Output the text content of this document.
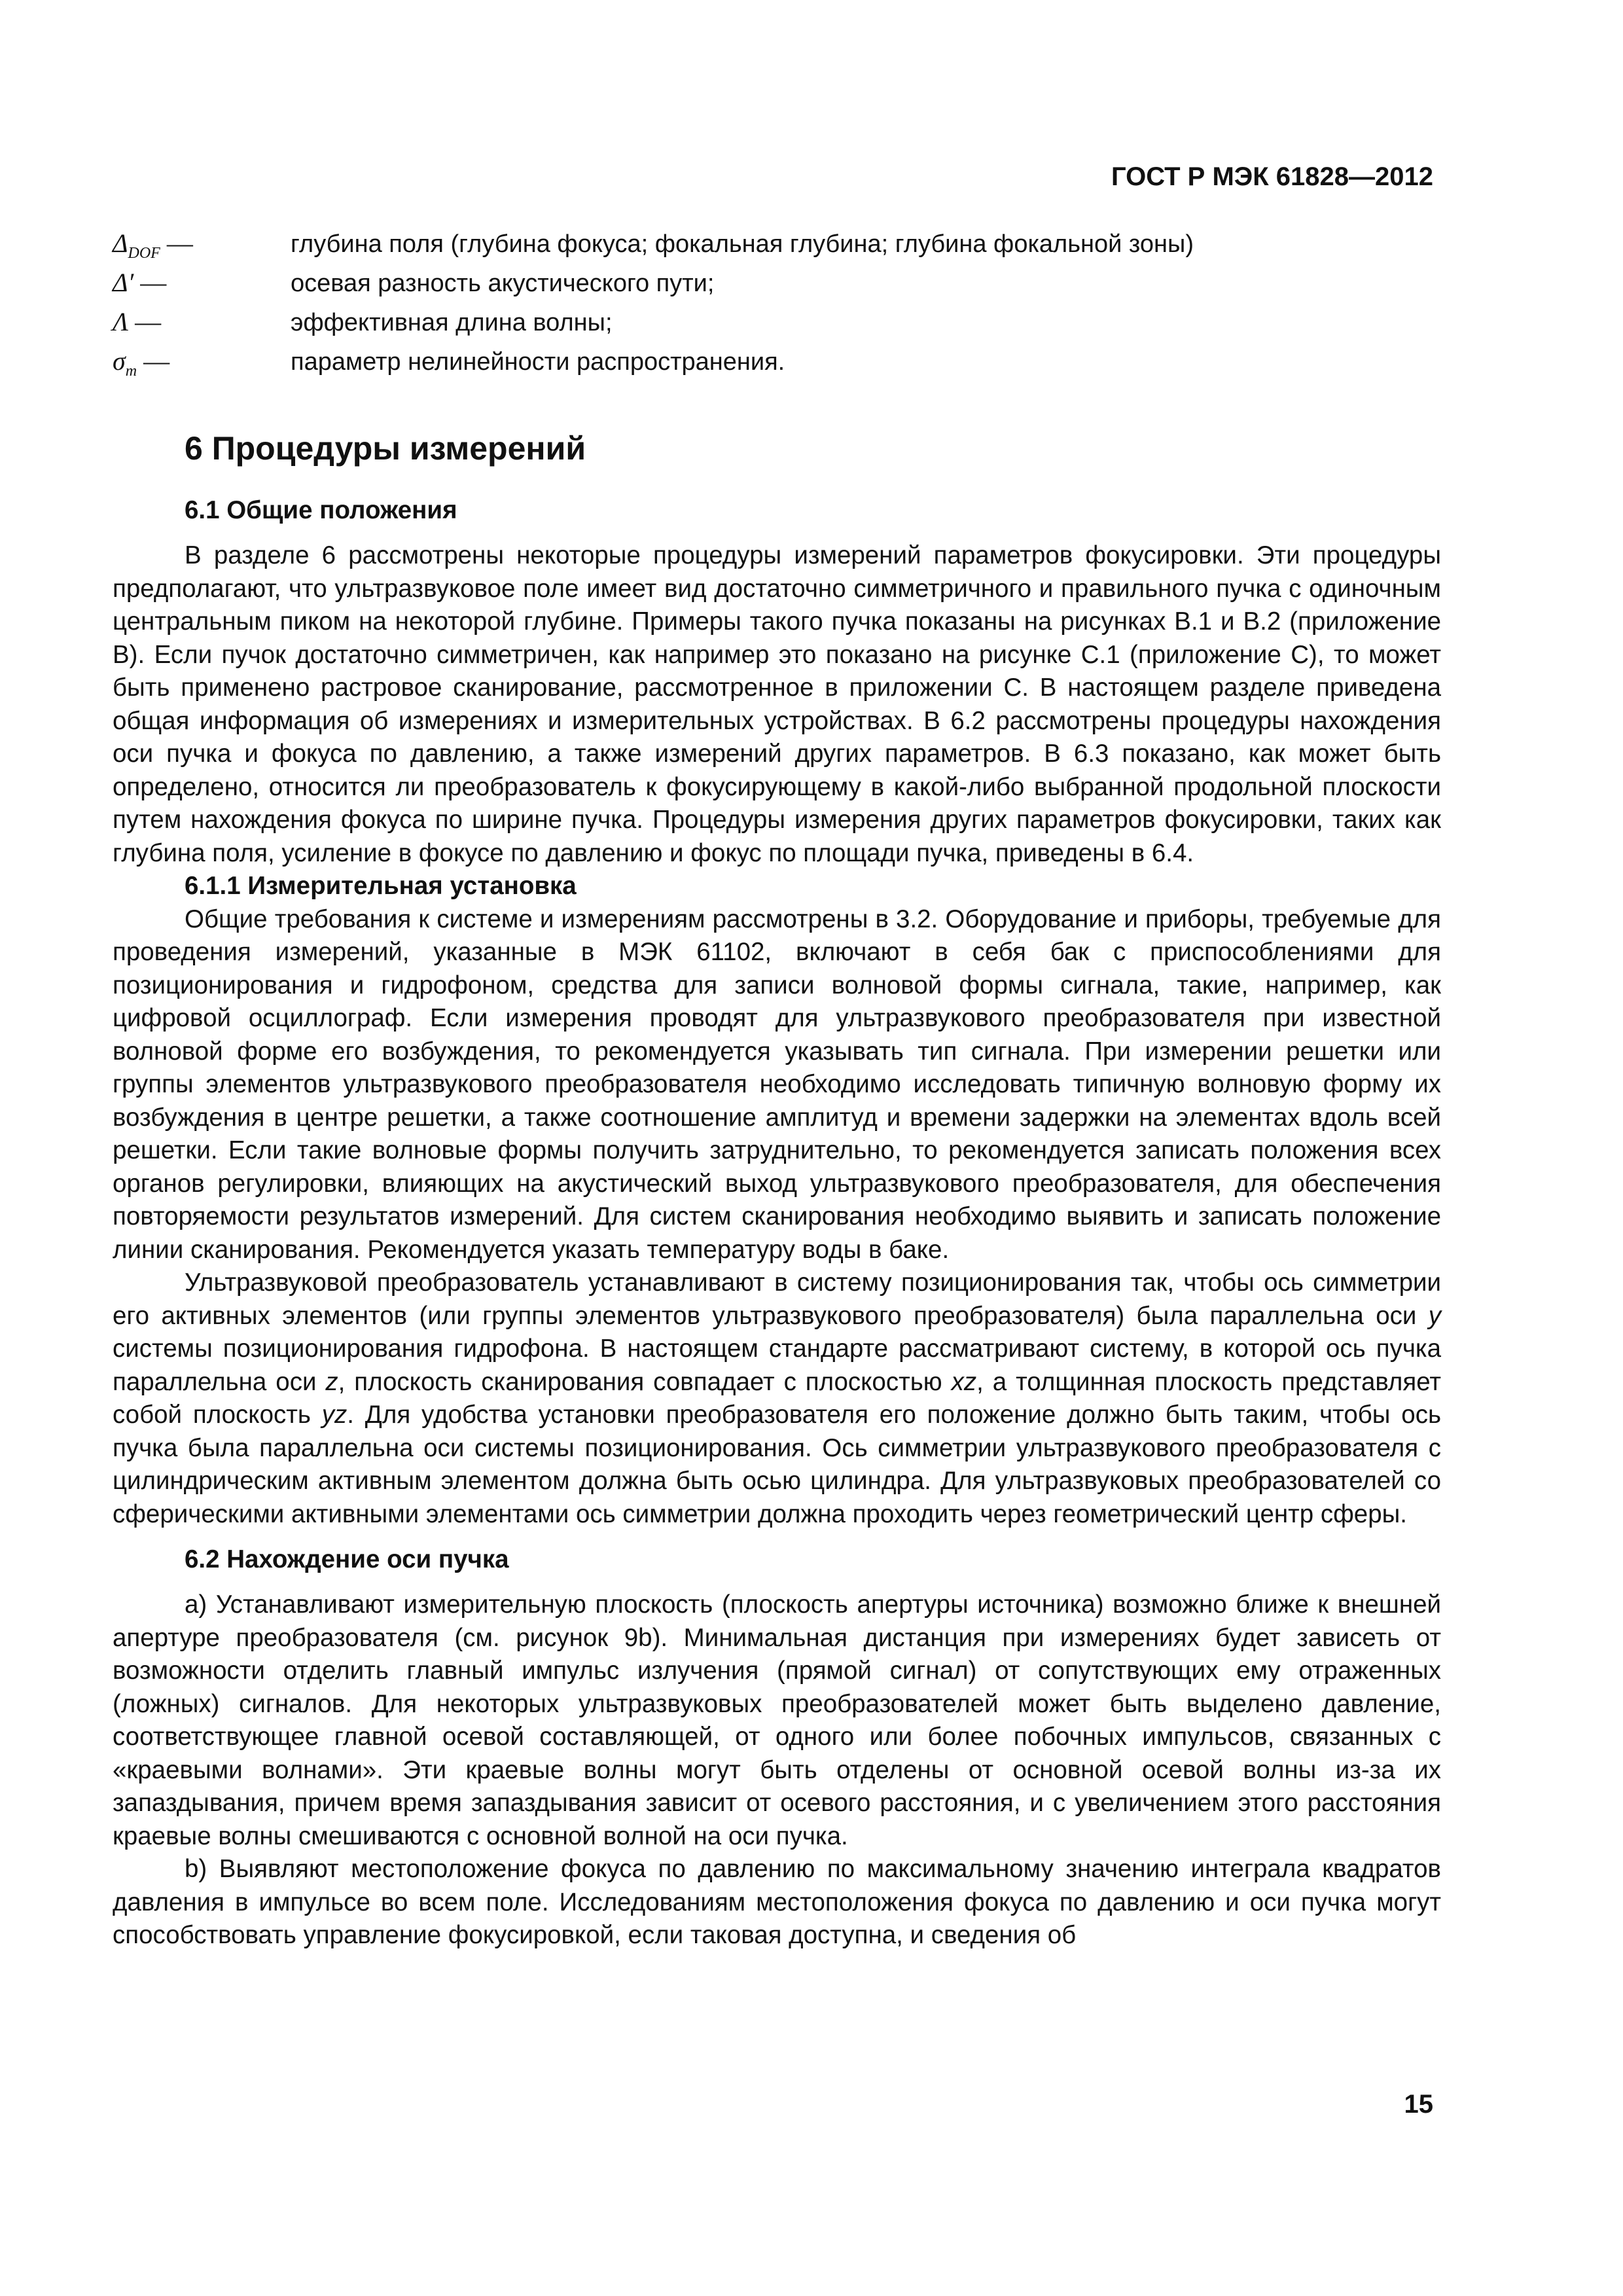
ГОСТ Р МЭК 61828—2012
$\Delta_{DOF}$ —	глубина поля (глубина фокуса; фокальная глубина; глубина фокальной зоны)
Δ′ —	осевая разность акустического пути;
Λ —	эффективная длина волны;
$\sigma_m$ —	параметр нелинейности распространения.
6 Процедуры измерений
6.1 Общие положения

В разделе 6 рассмотрены некоторые процедуры измерений параметров фокусировки. Эти процедуры предполагают, что ультразвуковое поле имеет вид достаточно симметричного и правильного пучка с одиночным центральным пиком на некоторой глубине. Примеры такого пучка показаны на рисунках В.1 и В.2 (приложение В). Если пучок достаточно симметричен, как например это показано на рисунке С.1 (приложение С), то может быть применено растровое сканирование, рассмотренное в приложении С. В настоящем разделе приведена общая информация об измерениях и измерительных устройствах. В 6.2 рассмотрены процедуры нахождения оси пучка и фокуса по давлению, а также измерений других параметров. В 6.3 показано, как может быть определено, относится ли преобразователь к фокусирующему в какой-либо выбранной продольной плоскости путем нахождения фокуса по ширине пучка. Процедуры измерения других параметров фокусировки, таких как глубина поля, усиление в фокусе по давлению и фокус по площади пучка, приведены в 6.4.

6.1.1 Измерительная установка

Общие требования к системе и измерениям рассмотрены в 3.2. Оборудование и приборы, требуемые для проведения измерений, указанные в МЭК 61102, включают в себя бак с приспособлениями для позиционирования и гидрофоном, средства для записи волновой формы сигнала, такие, например, как цифровой осциллограф. Если измерения проводят для ультразвукового преобразователя при известной волновой форме его возбуждения, то рекомендуется указывать тип сигнала. При измерении решетки или группы элементов ультразвукового преобразователя необходимо исследовать типичную волновую форму их возбуждения в центре решетки, а также соотношение амплитуд и времени задержки на элементах вдоль всей решетки. Если такие волновые формы получить затруднительно, то рекомендуется записать положения всех органов регулировки, влияющих на акустический выход ультразвукового преобразователя, для обеспечения повторяемости результатов измерений. Для систем сканирования необходимо выявить и записать положение линии сканирования. Рекомендуется указать температуру воды в баке.

Ультразвуковой преобразователь устанавливают в систему позиционирования так, чтобы ось симметрии его активных элементов (или группы элементов ультразвукового преобразователя) была параллельна оси y системы позиционирования гидрофона. В настоящем стандарте рассматривают систему, в которой ось пучка параллельна оси z, плоскость сканирования совпадает с плоскостью xz, а толщинная плоскость представляет собой плоскость yz. Для удобства установки преобразователя его положение должно быть таким, чтобы ось пучка была параллельна оси системы позиционирования. Ось симметрии ультразвукового преобразователя с цилиндрическим активным элементом должна быть осью цилиндра. Для ультразвуковых преобразователей со сферическими активными элементами ось симметрии должна проходить через геометрический центр сферы.

6.2 Нахождение оси пучка

а) Устанавливают измерительную плоскость (плоскость апертуры источника) возможно ближе к внешней апертуре преобразователя (см. рисунок 9b). Минимальная дистанция при измерениях будет зависеть от возможности отделить главный импульс излучения (прямой сигнал) от сопутствующих ему отраженных (ложных) сигналов. Для некоторых ультразвуковых преобразователей может быть выделено давление, соответствующее главной осевой составляющей, от одного или более побочных импульсов, связанных с «краевыми волнами». Эти краевые волны могут быть отделены от основной осевой волны из-за их запаздывания, причем время запаздывания зависит от осевого расстояния, и с увеличением этого расстояния краевые волны смешиваются с основной волной на оси пучка.

b) Выявляют местоположение фокуса по давлению по максимальному значению интеграла квадратов давления в импульсе во всем поле. Исследованиям местоположения фокуса по давлению и оси пучка могут способствовать управление фокусировкой, если таковая доступна, и сведения об

15
